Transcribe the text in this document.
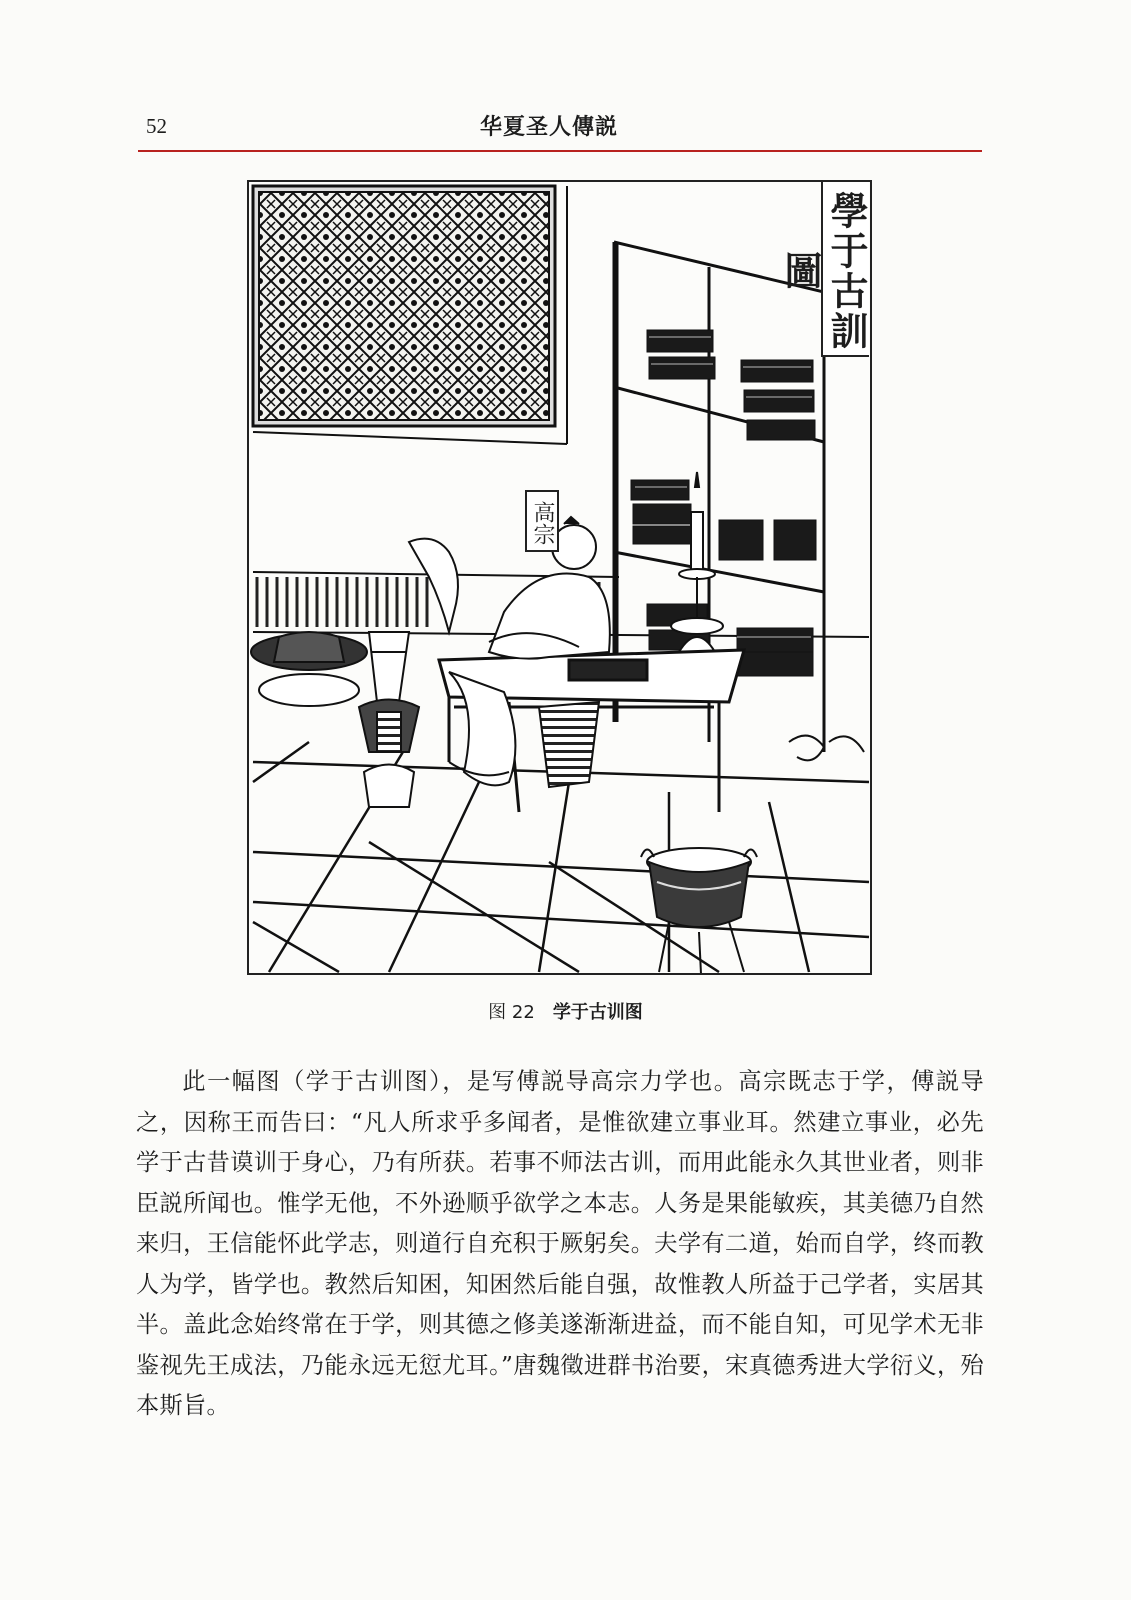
52	华夏圣人傳説
學于古訓圖
高宗
图 22 学于古训图

此一幅图（学于古训图），是写傅説导高宗力学也。高宗既志于学，傅説导之，因称王而告曰：“凡人所求乎多闻者，是惟欲建立事业耳。然建立事业，必先学于古昔谟训于身心，乃有所获。若事不师法古训，而用此能永久其世业者，则非臣説所闻也。惟学无他，不外逊顺乎欲学之本志。人务是果能敏疾，其美德乃自然来归，王信能怀此学志，则道行自充积于厥躬矣。夫学有二道，始而自学，终而教人为学，皆学也。教然后知困，知困然后能自强，故惟教人所益于己学者，实居其半。盖此念始终常在于学，则其德之修美遂渐渐进益，而不能自知，可见学术无非鉴视先王成法，乃能永远无愆尤耳。”唐魏徵进群书治要，宋真德秀进大学衍义，殆本斯旨。
